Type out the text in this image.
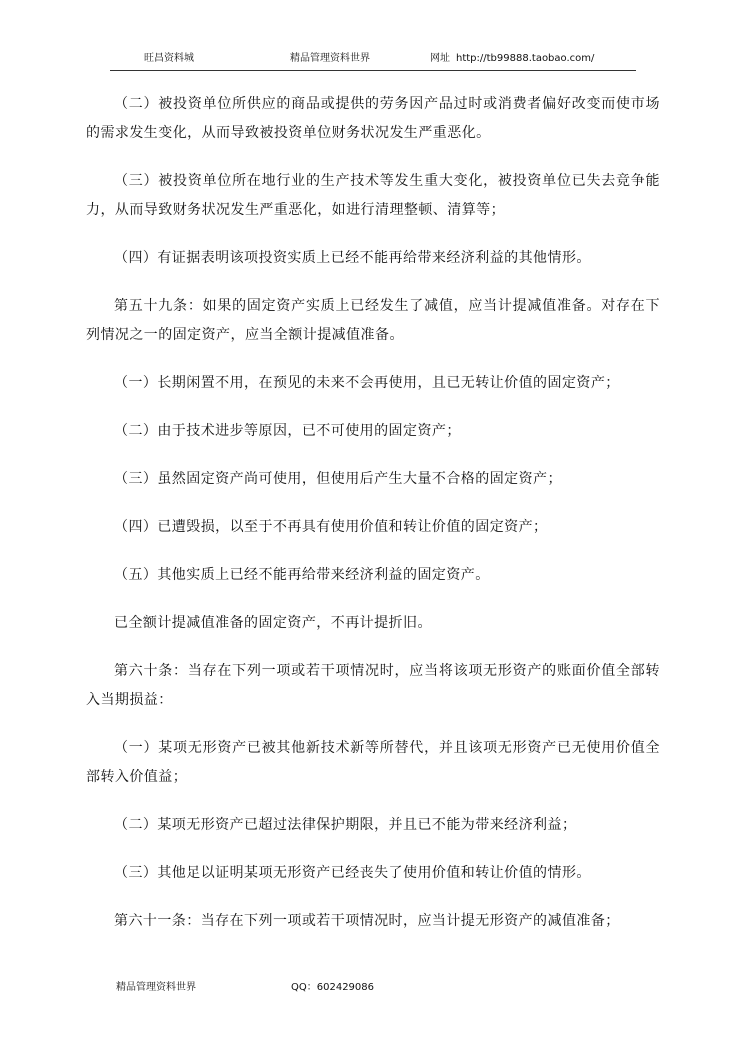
旺昌资料城	精品管理资料世界	网址 http://tb99888.taobao.com/

（二）被投资单位所供应的商品或提供的劳务因产品过时或消费者偏好改变而使市场的需求发生变化，从而导致被投资单位财务状况发生严重恶化。

（三）被投资单位所在地行业的生产技术等发生重大变化，被投资单位已失去竞争能力，从而导致财务状况发生严重恶化，如进行清理整顿、清算等；

（四）有证据表明该项投资实质上已经不能再给带来经济利益的其他情形。

第五十九条：如果的固定资产实质上已经发生了减值，应当计提减值准备。对存在下列情况之一的固定资产，应当全额计提减值准备。

（一）长期闲置不用，在预见的未来不会再使用，且已无转让价值的固定资产；

（二）由于技术进步等原因，已不可使用的固定资产；

（三）虽然固定资产尚可使用，但使用后产生大量不合格的固定资产；

（四）已遭毁损，以至于不再具有使用价值和转让价值的固定资产；

（五）其他实质上已经不能再给带来经济利益的固定资产。

已全额计提减值准备的固定资产，不再计提折旧。

第六十条：当存在下列一项或若干项情况时，应当将该项无形资产的账面价值全部转入当期损益：

（一）某项无形资产已被其他新技术新等所替代，并且该项无形资产已无使用价值全部转入价值益；

（二）某项无形资产已超过法律保护期限，并且已不能为带来经济利益；

（三）其他足以证明某项无形资产已经丧失了使用价值和转让价值的情形。

第六十一条：当存在下列一项或若干项情况时，应当计提无形资产的减值准备；

精品管理资料世界	QQ：602429086
